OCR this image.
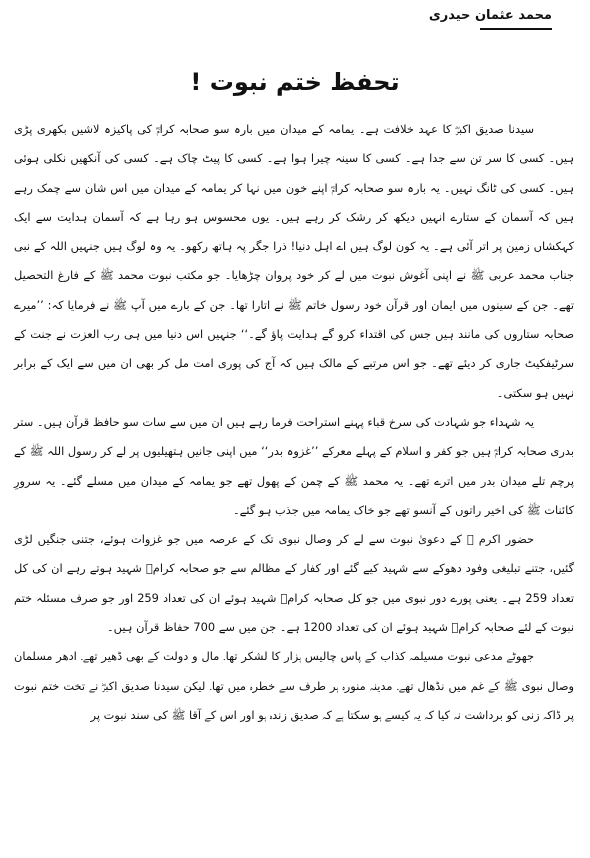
محمد عثمان حیدری
تحفظ ختم نبوت !

سیدنا صدیق اکبرؓ کا عہد خلافت ہے۔ یمامہ کے میدان میں بارہ سو صحابہ کرامؓ کی پاکیزہ لاشیں بکھری پڑی ہیں۔ کسی کا سر تن سے جدا ہے۔ کسی کا سینہ چیرا ہوا ہے۔ کسی کا پیٹ چاک ہے۔ کسی کی آنکھیں نکلی ہوئی ہیں۔ کسی کی ٹانگ نہیں۔ یہ بارہ سو صحابہ کرامؓ اپنے خون میں نہا کر یمامہ کے میدان میں اس شان سے چمک رہے ہیں کہ آسمان کے ستارے انہیں دیکھ کر رشک کر رہے ہیں۔ یوں محسوس ہو رہا ہے کہ آسمان ہدایت سے ایک کہکشاں زمین پر اتر آئی ہے۔ یہ کون لوگ ہیں اے اہل دنیا! ذرا جگر پہ ہاتھ رکھو۔ یہ وہ لوگ ہیں جنہیں اللہ کے نبی جناب محمد عربی ﷺ نے اپنی آغوش نبوت میں لے کر خود پروان چڑھایا۔ جو مکتب نبوت محمد ﷺ کے فارغ التحصیل تھے۔ جن کے سینوں میں ایمان اور قرآن خود رسول خاتم ﷺ نے اتارا تھا۔ جن کے بارے میں آپ ﷺ نے فرمایا کہ: ’’میرے صحابہ ستاروں کی مانند ہیں جس کی اقتداء کرو گے ہدایت پاؤ گے۔‘‘ جنہیں اس دنیا میں ہی رب العزت نے جنت کے سرٹیفکیٹ جاری کر دیئے تھے۔ جو اس مرتبے کے مالک ہیں کہ آج کی پوری امت مل کر بھی ان میں سے ایک کے برابر نہیں ہو سکتی۔

یہ شہداء جو شہادت کی سرخ قباء پہنے استراحت فرما رہے ہیں ان میں سے سات سو حافظ قرآن ہیں۔ ستر بدری صحابہ کرامؓ ہیں جو کفر و اسلام کے پہلے معرکے ’’غزوہ بدر‘‘ میں اپنی جانیں ہتھیلیوں پر لے کر رسول اللہ ﷺ کے پرچم تلے میدان بدر میں اترے تھے۔ یہ محمد ﷺ کے چمن کے پھول تھے جو یمامہ کے میدان میں مسلے گئے۔ یہ سرورِ کائنات ﷺ کی اخیر راتوں کے آنسو تھے جو خاک یمامہ میں جذب ہو گئے۔

حضور اکرم ﷺ کے دعویٰ نبوت سے لے کر وصال نبوی تک کے عرصہ میں جو غزوات ہوئے، جتنی جنگیں لڑی گئیں، جتنے تبلیغی وفود دھوکے سے شہید کیے گئے اور کفار کے مظالم سے جو صحابہ کرامؓ شہید ہوتے رہے ان کی کل تعداد 259 ہے۔ یعنی پورے دور نبوی میں جو کل صحابہ کرامؓ شہید ہوئے ان کی تعداد 259 اور جو صرف مسئلہ ختم نبوت کے لئے صحابہ کرامؓ شہید ہوئے ان کی تعداد 1200 ہے۔ جن میں سے 700 حفاظ قرآن ہیں۔

جھوٹے مدعی نبوت مسیلمہ کذاب کے پاس چالیس ہزار کا لشکر تھا۔ مال و دولت کے بھی ڈھیر تھے۔ ادھر مسلمان وصال نبوی ﷺ کے غم میں نڈھال تھے۔ مدینہ منورہ ہر طرف سے خطرہ میں تھا۔ لیکن سیدنا صدیق اکبرؓ نے تخت ختم نبوت پر ڈاکہ زنی کو برداشت نہ کیا کہ یہ کیسے ہو سکتا ہے کہ صدیق زندہ ہو اور اس کے آقا ﷺ کی سند نبوت پر
